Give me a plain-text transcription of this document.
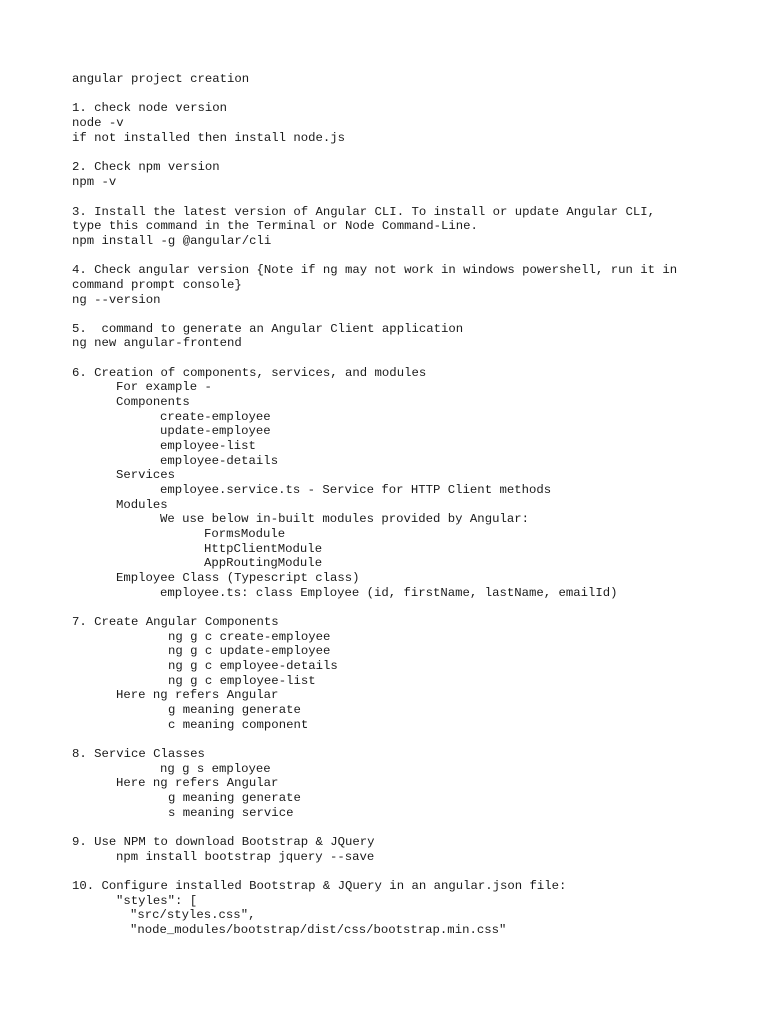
angular project creation
1. check node version
node -v
if not installed then install node.js
2. Check npm version
npm -v
3. Install the latest version of Angular CLI. To install or update Angular CLI,
type this command in the Terminal or Node Command-Line.
npm install -g @angular/cli
4. Check angular version {Note if ng may not work in windows powershell, run it in
command prompt console}
ng --version
5.  command to generate an Angular Client application
ng new angular-frontend
6. Creation of components, services, and modules
For example -
Components
create-employee
update-employee
employee-list
employee-details
Services
employee.service.ts - Service for HTTP Client methods
Modules
We use below in-built modules provided by Angular:
FormsModule
HttpClientModule
AppRoutingModule
Employee Class (Typescript class)
employee.ts: class Employee (id, firstName, lastName, emailId)
7. Create Angular Components
ng g c create-employee
ng g c update-employee
ng g c employee-details
ng g c employee-list
Here ng refers Angular
g meaning generate
c meaning component
8. Service Classes
ng g s employee
Here ng refers Angular
g meaning generate
s meaning service
9. Use NPM to download Bootstrap & JQuery
npm install bootstrap jquery --save
10. Configure installed Bootstrap & JQuery in an angular.json file:
"styles": [
"src/styles.css",
"node_modules/bootstrap/dist/css/bootstrap.min.css"
